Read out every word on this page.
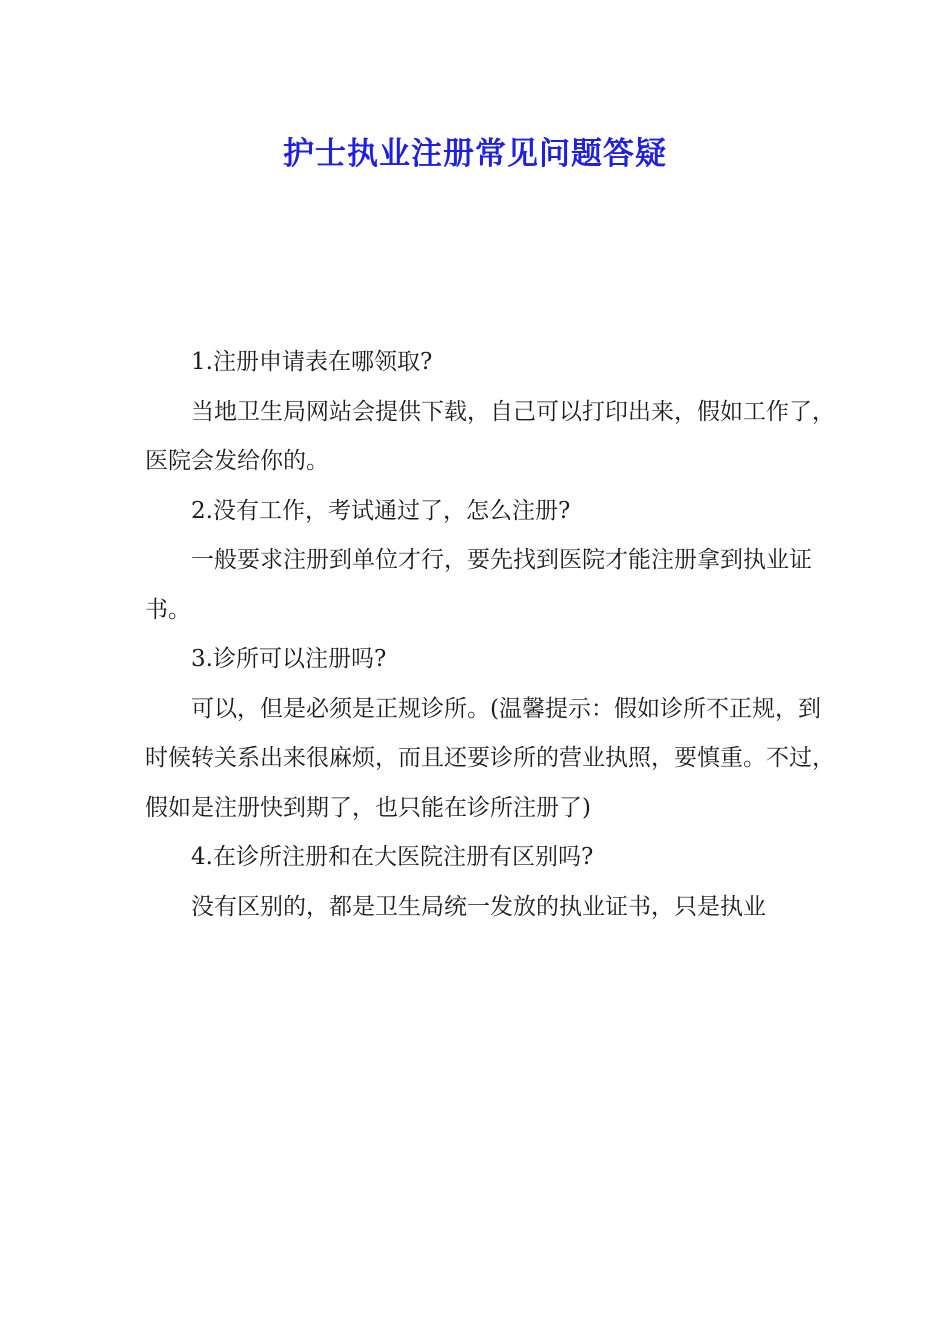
护士执业注册常见问题答疑

1.注册申请表在哪领取?

当地卫生局网站会提供下载，自己可以打印出来，假如工作了，医院会发给你的。

2.没有工作，考试通过了，怎么注册?

一般要求注册到单位才行，要先找到医院才能注册拿到执业证书。

3.诊所可以注册吗?

可以，但是必须是正规诊所。(温馨提示：假如诊所不正规，到时候转关系出来很麻烦，而且还要诊所的营业执照，要慎重。不过，假如是注册快到期了，也只能在诊所注册了)

4.在诊所注册和在大医院注册有区别吗?

没有区别的，都是卫生局统一发放的执业证书，只是执业
